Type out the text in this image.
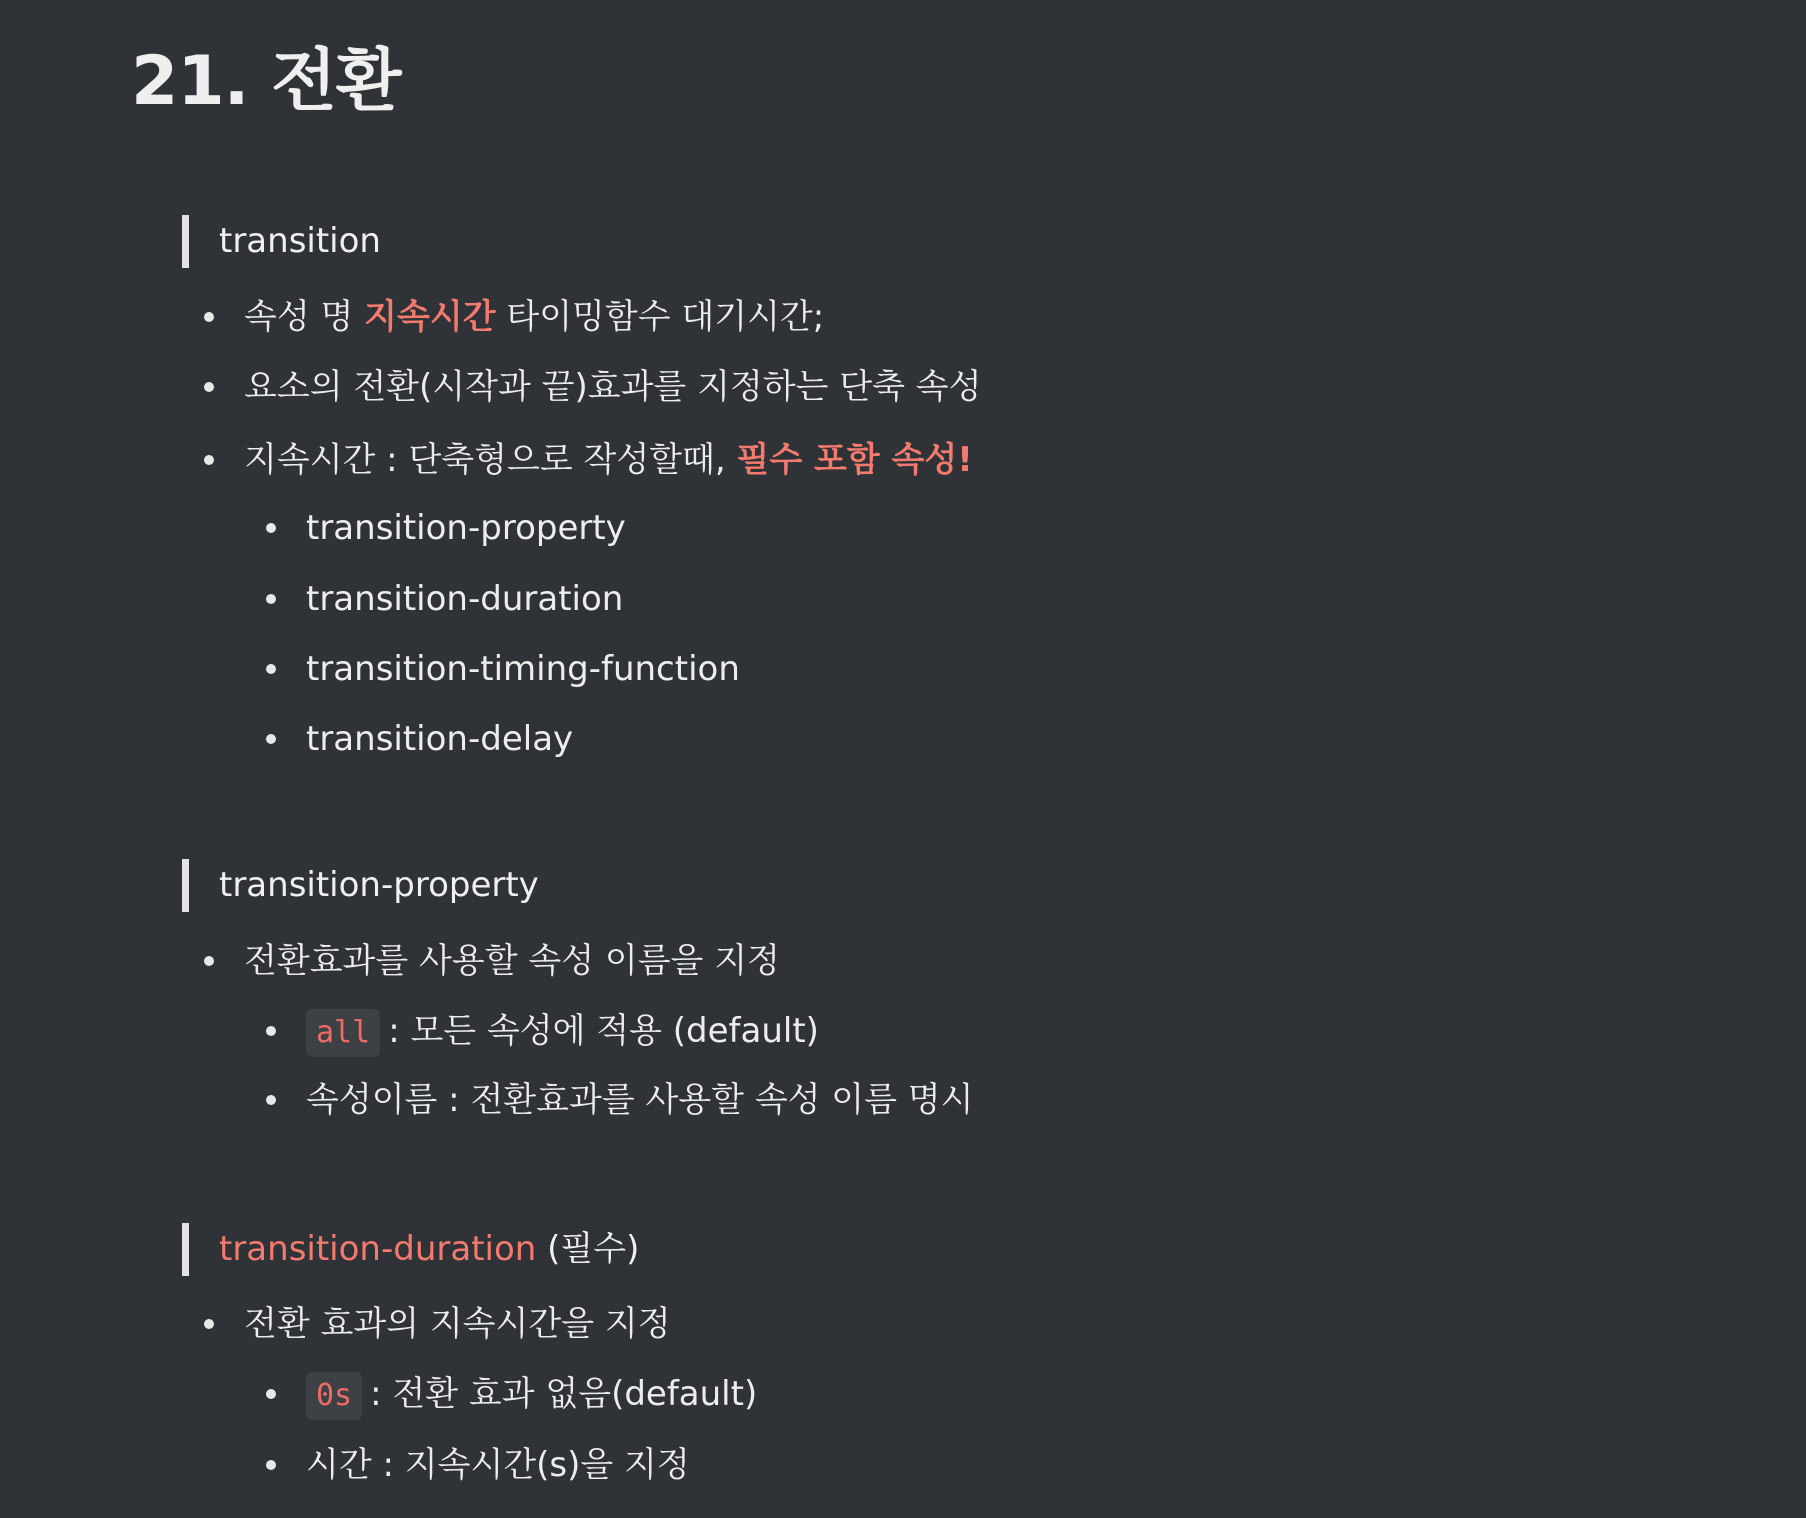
21. 전환
transition
속성 명 지속시간 타이밍함수 대기시간;
요소의 전환(시작과 끝)효과를 지정하는 단축 속성
지속시간 : 단축형으로 작성할때, 필수 포함 속성!
transition-property
transition-duration
transition-timing-function
transition-delay
transition-property
전환효과를 사용할 속성 이름을 지정
all : 모든 속성에 적용 (default)
속성이름 : 전환효과를 사용할 속성 이름 명시
transition-duration (필수)
전환 효과의 지속시간을 지정
0s : 전환 효과 없음(default)
시간 : 지속시간(s)을 지정
